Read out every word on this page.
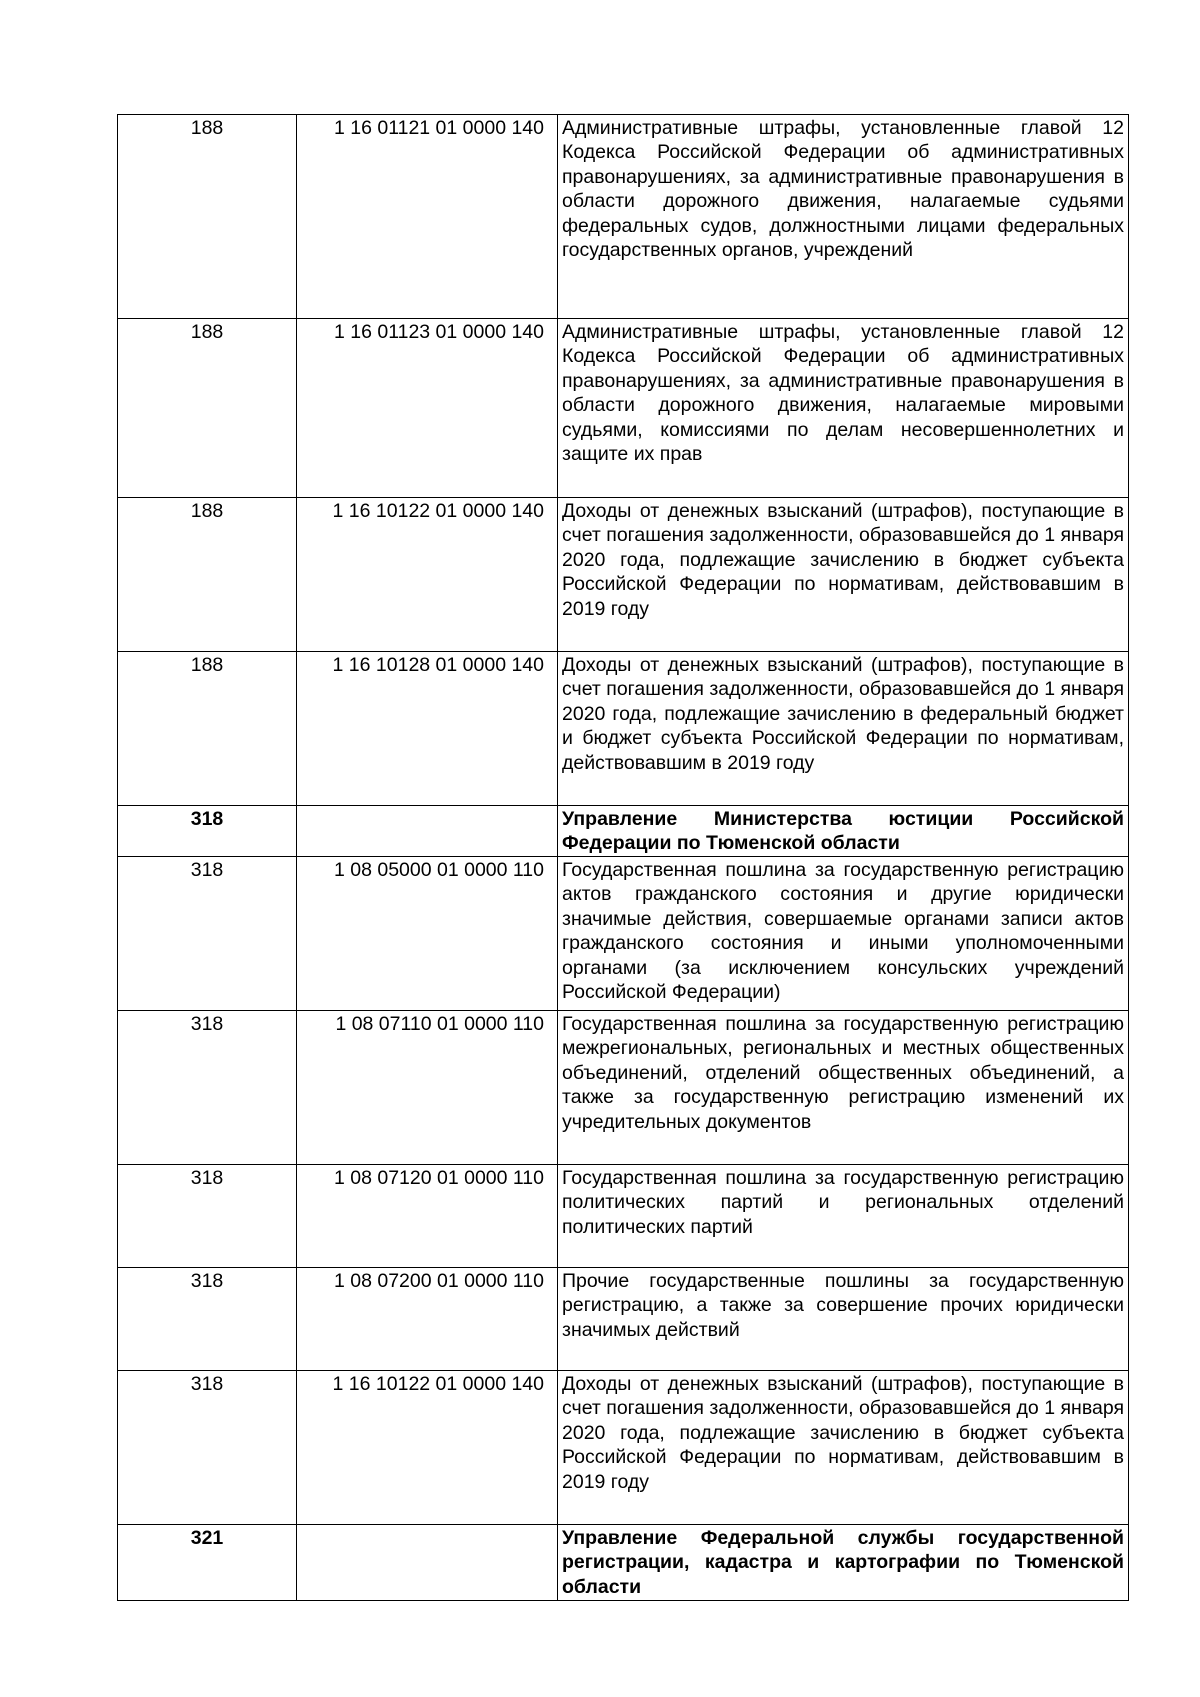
188	1 16 01121 01 0000 140	Административные штрафы, установленные главой 12 Кодекса Российской Федерации об административных правонарушениях, за административные правонарушения в области дорожного движения, налагаемые судьями федеральных судов, должностными лицами федеральных государственных органов, учреждений
188	1 16 01123 01 0000 140	Административные штрафы, установленные главой 12 Кодекса Российской Федерации об административных правонарушениях, за административные правонарушения в области дорожного движения, налагаемые мировыми судьями, комиссиями по делам несовершеннолетних и защите их прав
188	1 16 10122 01 0000 140	Доходы от денежных взысканий (штрафов), поступающие в счет погашения задолженности, образовавшейся до 1 января 2020 года, подлежащие зачислению в бюджет субъекта Российской Федерации по нормативам, действовавшим в 2019 году
188	1 16 10128 01 0000 140	Доходы от денежных взысканий (штрафов), поступающие в счет погашения задолженности, образовавшейся до 1 января 2020 года, подлежащие зачислению в федеральный бюджет и бюджет субъекта Российской Федерации по нормативам, действовавшим в 2019 году
318		Управление Министерства юстиции Российской Федерации по Тюменской области
318	1 08 05000 01 0000 110	Государственная пошлина за государственную регистрацию актов гражданского состояния и другие юридически значимые действия, совершаемые органами записи актов гражданского состояния и иными уполномоченными органами (за исключением консульских учреждений Российской Федерации)
318	1 08 07110 01 0000 110	Государственная пошлина за государственную регистрацию межрегиональных, региональных и местных общественных объединений, отделений общественных объединений, а также за государственную регистрацию изменений их учредительных документов
318	1 08 07120 01 0000 110	Государственная пошлина за государственную регистрацию политических партий и региональных отделений политических партий
318	1 08 07200 01 0000 110	Прочие государственные пошлины за государственную регистрацию, а также за совершение прочих юридически значимых действий
318	1 16 10122 01 0000 140	Доходы от денежных взысканий (штрафов), поступающие в счет погашения задолженности, образовавшейся до 1 января 2020 года, подлежащие зачислению в бюджет субъекта Российской Федерации по нормативам, действовавшим в 2019 году
321		Управление Федеральной службы государственной регистрации, кадастра и картографии по Тюменской области
